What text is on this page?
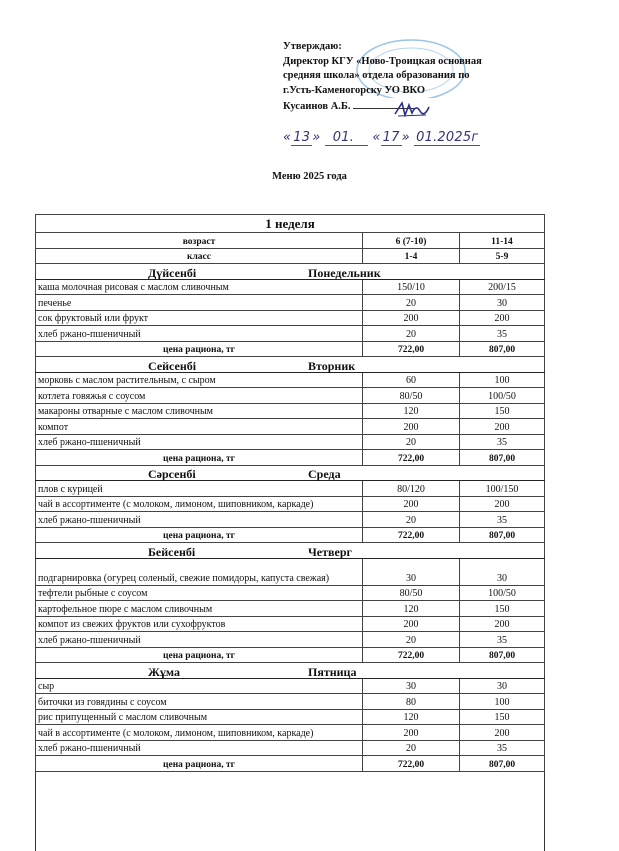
Утверждаю:
Директор КГУ «Ново-Троицкая основная
средняя школа» отдела образования по
г.Усть-Каменогорску УО ВКО
Кусаинов А.Б.
« 13 » 01. « 17 » 01.2025г
Меню 2025 года
1 неделя		
возраст	6 (7-10)	11-14
класс	1-4	5-9
Дүйсенбі Понедельник		
каша молочная рисовая с маслом сливочным	150/10	200/15
печенье	20	30
сок фруктовый или фрукт	200	200
хлеб ржано-пшеничный	20	35
цена рациона, тг	722,00	807,00
Сейсенбі Вторник		
морковь с маслом растительным, с сыром	60	100
котлета говяжья с соусом	80/50	100/50
макароны отварные с маслом сливочным	120	150
компот	200	200
хлеб ржано-пшеничный	20	35
цена рациона, тг	722,00	807,00
Сәрсенбі Среда		
плов с курицей	80/120	100/150
чай в ассортименте (с молоком, лимоном, шиповником, каркаде)	200	200
хлеб ржано-пшеничный	20	35
цена рациона, тг	722,00	807,00
Бейсенбі Четверг		
подгарнировка (огурец соленый, свежие помидоры, капуста свежая)	30	30
тефтели рыбные с соусом	80/50	100/50
картофельное пюре с маслом сливочным	120	150
компот из свежих фруктов или сухофруктов	200	200
хлеб ржано-пшеничный	20	35
цена рациона, тг	722,00	807,00
Жұма Пятница		
сыр	30	30
биточки из говядины с соусом	80	100
рис припущенный с маслом сливочным	120	150
чай в ассортименте (с молоком, лимоном, шиповником, каркаде)	200	200
хлеб ржано-пшеничный	20	35
цена рациона, тг	722,00	807,00
